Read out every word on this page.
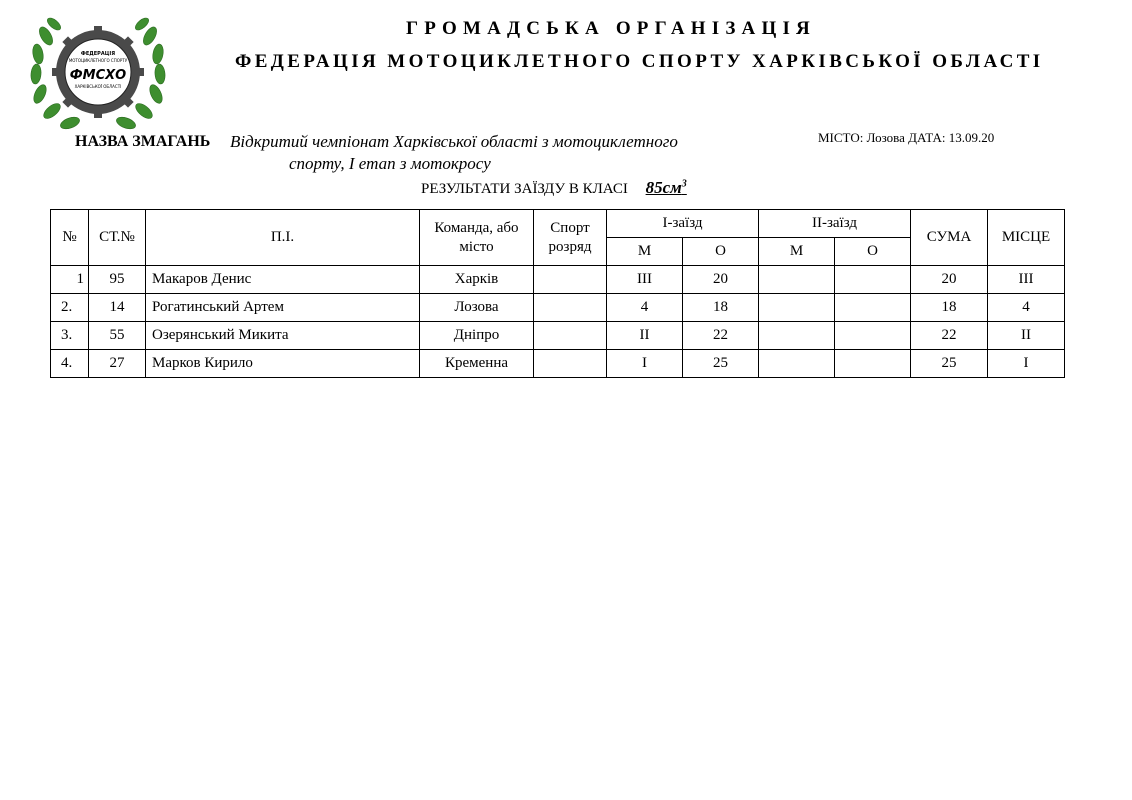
ФЕДЕРАЦІЯ
МОТОЦИКЛЕТНОГО СПОРТУ
ФМСХО
ХАРКІВСЬКОЇ ОБЛАСТІ
ГРОМАДСЬКА ОРГАНІЗАЦІЯ
ФЕДЕРАЦІЯ МОТОЦИКЛЕТНОГО СПОРТУ ХАРКІВСЬКОЇ ОБЛАСТІ
НАЗВА ЗМАГАНЬ Відкритий чемпіонат Харківської області з мотоциклетного
спорту, І етап з мотокросу
МІСТО: Лозова ДАТА: 13.09.20
РЕЗУЛЬТАТИ ЗАЇЗДУ В КЛАСІ $85см^3$
№	СТ.№	П.І.	Команда, або місто	Спорт розряд	І-заїзд		ІІ-заїзд		СУМА	МІСЦЕ
					М	О	М	О		
1	95	Макаров Денис	Харків		III	20			20	III
2.	14	Рогатинський Артем	Лозова		4	18			18	4
3.	55	Озерянський Микита	Дніпро		II	22			22	II
4.	27	Марков Кирило	Кременна		I	25			25	I
